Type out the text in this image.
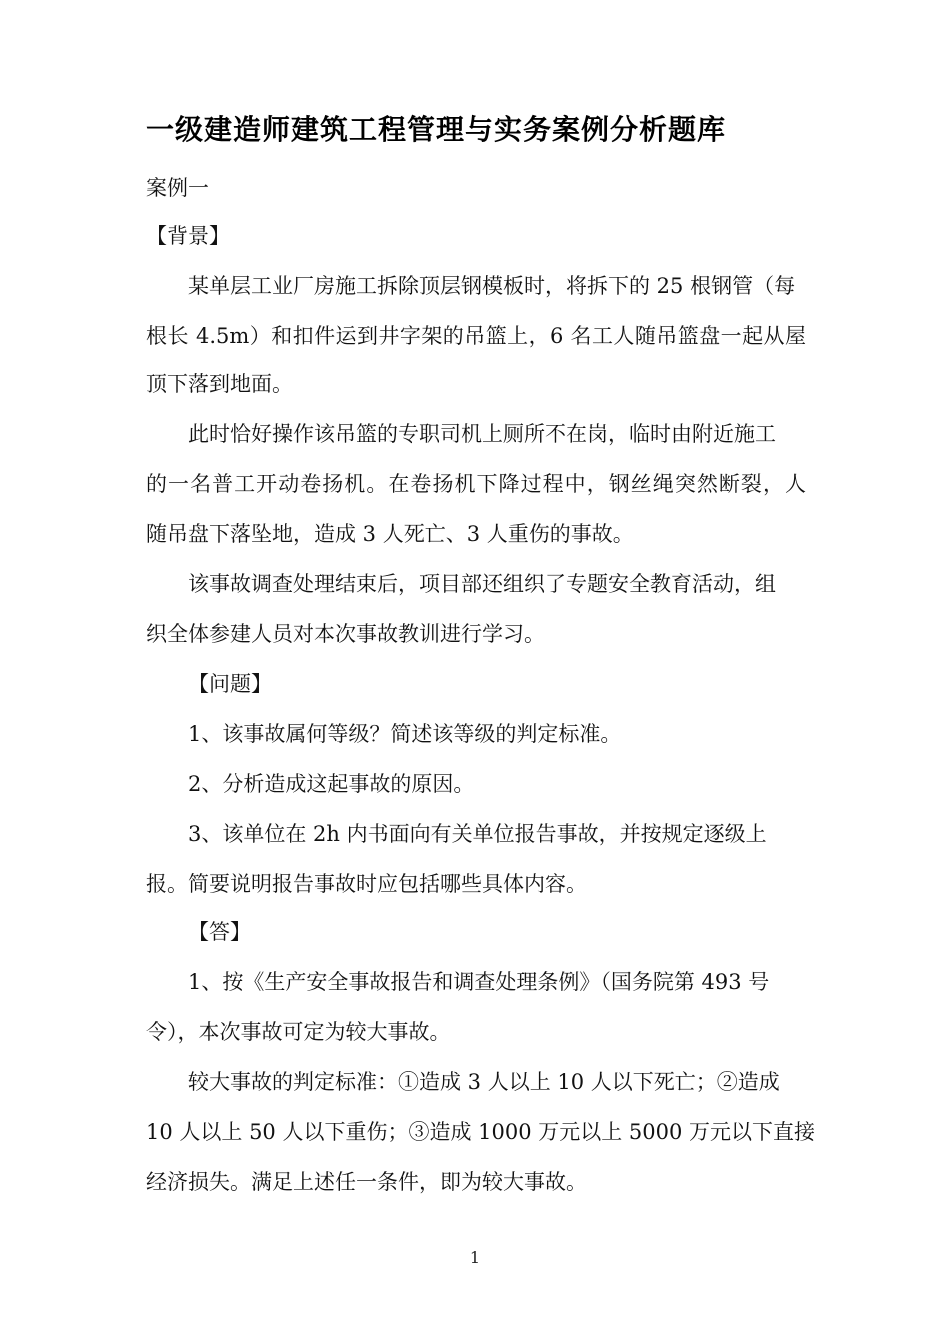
一级建造师建筑工程管理与实务案例分析题库
案例一
【背景】
某单层工业厂房施工拆除顶层钢模板时，将拆下的 25 根钢管（每
根长 4.5m）和扣件运到井字架的吊篮上，6 名工人随吊篮盘一起从屋
顶下落到地面。
此时恰好操作该吊篮的专职司机上厕所不在岗，临时由附近施工
的一名普工开动卷扬机。在卷扬机下降过程中，钢丝绳突然断裂，人
随吊盘下落坠地，造成 3 人死亡、3 人重伤的事故。
该事故调查处理结束后，项目部还组织了专题安全教育活动，组
织全体参建人员对本次事故教训进行学习。
【问题】
1、该事故属何等级？简述该等级的判定标准。
2、分析造成这起事故的原因。
3、该单位在 2h 内书面向有关单位报告事故，并按规定逐级上
报。简要说明报告事故时应包括哪些具体内容。
【答】
1、按《生产安全事故报告和调查处理条例》（国务院第 493 号
令），本次事故可定为较大事故。
较大事故的判定标准：①造成 3 人以上 10 人以下死亡；②造成
10 人以上 50 人以下重伤；③造成 1000 万元以上 5000 万元以下直接
经济损失。满足上述任一条件，即为较大事故。
1
